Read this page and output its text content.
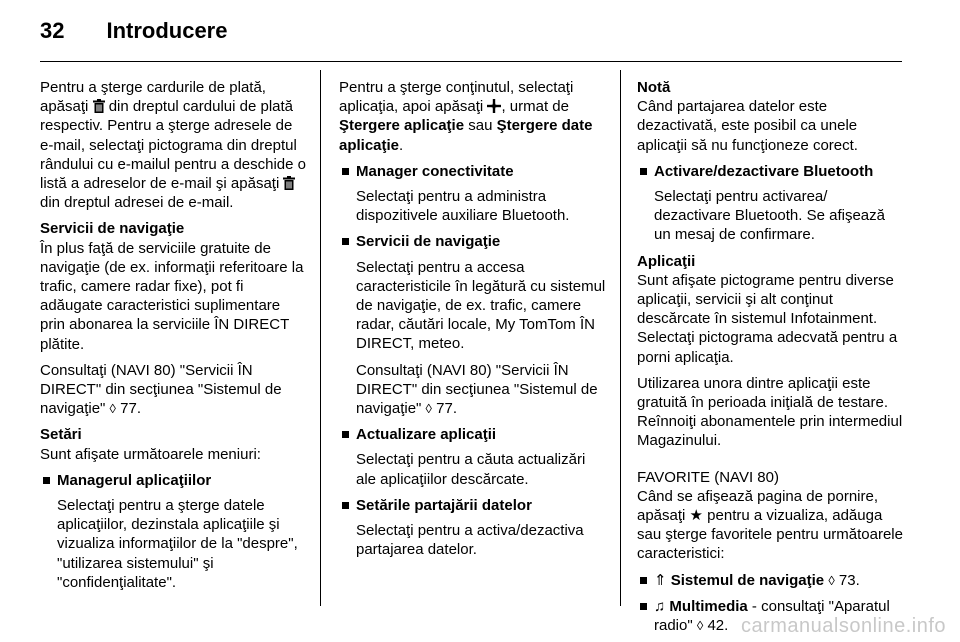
32 Introducere

Pentru a şterge cardurile de plată, apăsaţi din dreptul cardului de plată respectiv. Pentru a şterge adresele de e-mail, selectaţi pictograma din dreptul rândului cu e-mailul pentru a deschide o listă a adreselor de e-mail şi apăsaţi  din dreptul adresei de e-mail.

Servicii de navigaţie

În plus faţă de serviciile gratuite de navigaţie (de ex. informaţii referitoare la trafic, camere radar fixe), pot fi adăugate caracteristici suplimentare prin abonarea la serviciile ÎN DIRECT plătite.

Consultaţi (NAVI 80) "Servicii ÎN DIRECT" din secţiunea "Sistemul de navigaţie" ◊ 77.

Setări

Sunt afişate următoarele meniuri:

Managerul aplicaţiilor
Selectaţi pentru a şterge datele aplicaţiilor, dezinstala aplicaţiile şi vizualiza informaţiilor de la "despre", "utilizarea sistemului" şi "confidenţialitate".

Pentru a şterge conţinutul, selectaţi aplicaţia, apoi apăsaţi , urmat de Ştergere aplicaţie sau Ştergere date aplicaţie.

Manager conectivitate
Selectaţi pentru a administra dispozitivele auxiliare Bluetooth.
Servicii de navigaţie

Selectaţi pentru a accesa caracteristicile în legătură cu sistemul de navigaţie, de ex. trafic, camere radar, căutări locale, My TomTom ÎN DIRECT, meteo.

Consultaţi (NAVI 80) "Servicii ÎN DIRECT" din secţiunea "Sistemul de navigaţie" ◊ 77.

Actualizare aplicaţii
Selectaţi pentru a căuta actualizări ale aplicaţiilor descărcate.
Setările partajării datelor
Selectaţi pentru a activa/dezactiva partajarea datelor.

Notă

Când partajarea datelor este dezactivată, este posibil ca unele aplicaţii să nu funcţioneze corect.

Activare/dezactivare Bluetooth
Selectaţi pentru activarea/ dezactivare Bluetooth. Se afişează un mesaj de confirmare.

Aplicaţii

Sunt afişate pictograme pentru diverse aplicaţii, servicii şi alt conţinut descărcate în sistemul Infotainment. Selectaţi pictograma adecvată pentru a porni aplicaţia.

Utilizarea unora dintre aplicaţii este gratuită în perioada iniţială de testare. Reînnoiţi abonamentele prin intermediul Magazinului.

FAVORITE (NAVI 80)

Când se afişează pagina de pornire, apăsaţi ★ pentru a vizualiza, adăuga sau şterge favoritele pentru următoarele caracteristici:

⇑ Sistemul de navigaţie ◊ 73.
♫ Multimedia - consultaţi "Aparatul radio" ◊ 42. carmanualsonline.info
